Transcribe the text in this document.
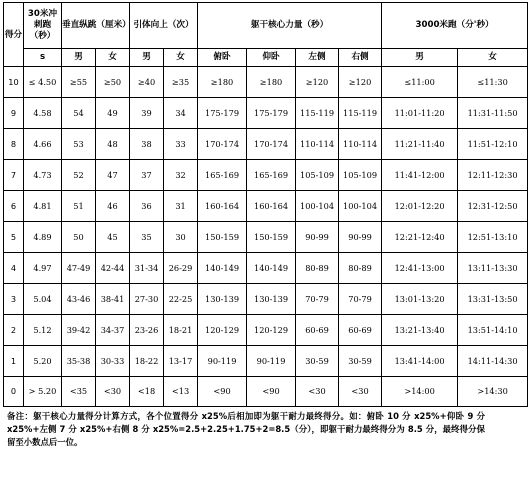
得分	30米冲刺跑（秒）	垂直纵跳（厘米）		引体向上（次）		躯干核心力量（秒）				3000米跑（分'秒）	
	s	男	女	男	女	俯卧	仰卧	左侧	右侧	男	女
10	≤ 4.50	≥55	≥50	≥40	≥35	≥180	≥180	≥120	≥120	≤11:00	≤11:30
9	4.58	54	49	39	34	175-179	175-179	115-119	115-119	11:01-11:20	11:31-11:50
8	4.66	53	48	38	33	170-174	170-174	110-114	110-114	11:21-11:40	11:51-12:10
7	4.73	52	47	37	32	165-169	165-169	105-109	105-109	11:41-12:00	12:11-12:30
6	4.81	51	46	36	31	160-164	160-164	100-104	100-104	12:01-12:20	12:31-12:50
5	4.89	50	45	35	30	150-159	150-159	90-99	90-99	12:21-12:40	12:51-13:10
4	4.97	47-49	42-44	31-34	26-29	140-149	140-149	80-89	80-89	12:41-13:00	13:11-13:30
3	5.04	43-46	38-41	27-30	22-25	130-139	130-139	70-79	70-79	13:01-13:20	13:31-13:50
2	5.12	39-42	34-37	23-26	18-21	120-129	120-129	60-69	60-69	13:21-13:40	13:51-14:10
1	5.20	35-38	30-33	18-22	13-17	90-119	90-119	30-59	30-59	13:41-14:00	14:11-14:30
0	> 5.20	<35	<30	<18	<13	<90	<90	<30	<30	>14:00	>14:30
备注：躯干核心力量得分计算方式，各个位置得分 x25%后相加即为躯干耐力最终得分。如：俯卧 10 分 x25%+仰卧 9 分 x25%+左侧 7 分 x25%+右侧 8 分 x25%=2.5+2.25+1.75+2=8.5（分），即躯干耐力最终得分为 8.5 分，最终得分保留至小数点后一位。
